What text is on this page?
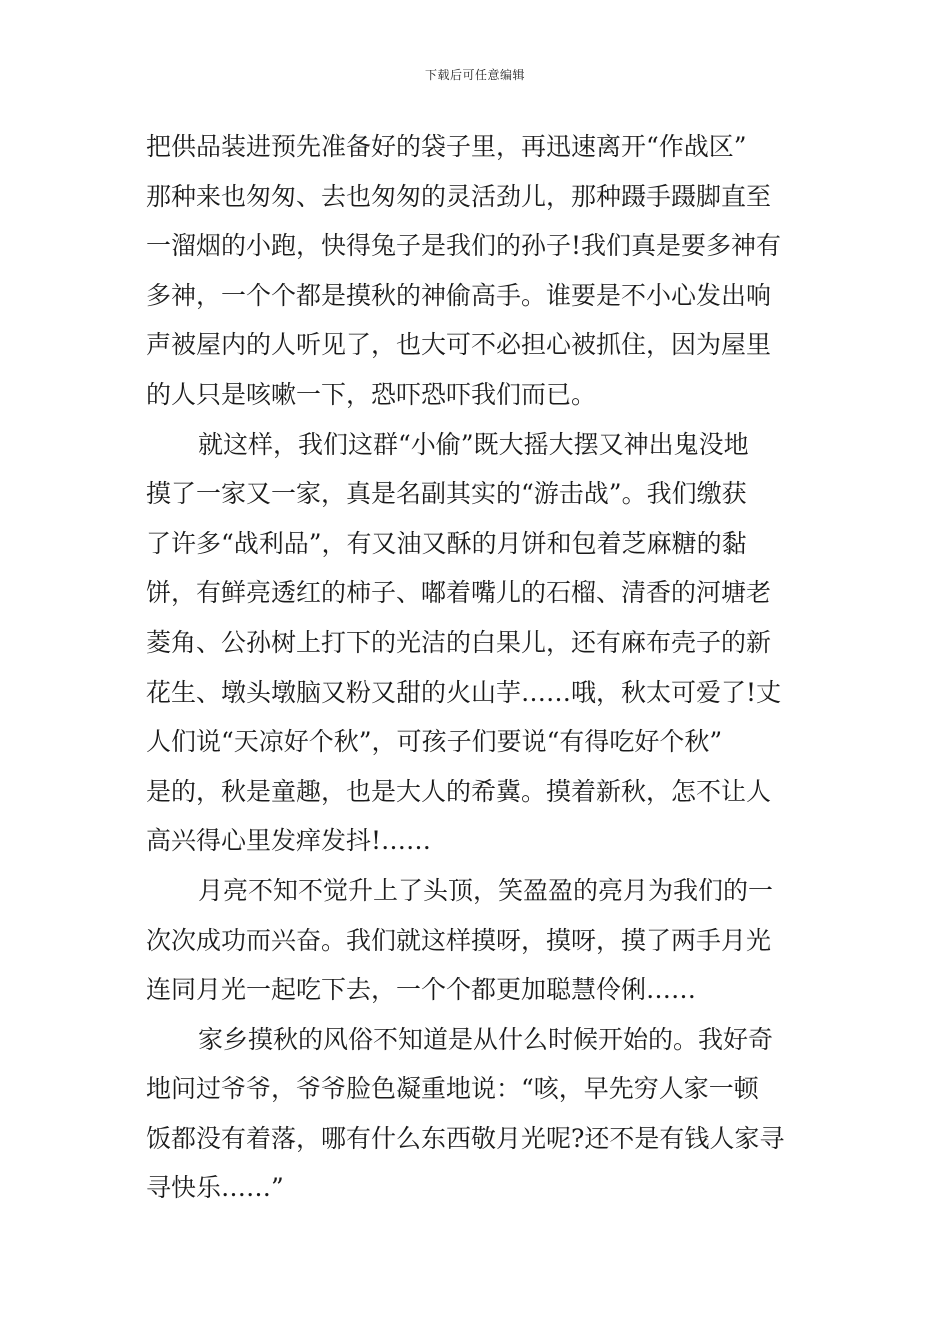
下载后可任意编辑
把供品装进预先准备好的袋子里，再迅速离开“作战区”
那种来也匆匆、去也匆匆的灵活劲儿，那种蹑手蹑脚直至
一溜烟的小跑，快得兔子是我们的孙子!我们真是要多神有
多神，一个个都是摸秋的神偷高手。谁要是不小心发出响
声被屋内的人听见了，也大可不必担心被抓住，因为屋里
的人只是咳嗽一下，恐吓恐吓我们而已。
就这样，我们这群“小偷”既大摇大摆又神出鬼没地
摸了一家又一家，真是名副其实的“游击战”。我们缴获
了许多“战利品”，有又油又酥的月饼和包着芝麻糖的黏
饼，有鲜亮透红的柿子、嘟着嘴儿的石榴、清香的河塘老
菱角、公孙树上打下的光洁的白果儿，还有麻布壳子的新
花生、墩头墩脑又粉又甜的火山芋……哦，秋太可爱了!丈
人们说“天凉好个秋”，可孩子们要说“有得吃好个秋”
是的，秋是童趣，也是大人的希冀。摸着新秋，怎不让人
高兴得心里发痒发抖!……
月亮不知不觉升上了头顶，笑盈盈的亮月为我们的一
次次成功而兴奋。我们就这样摸呀，摸呀，摸了两手月光
连同月光一起吃下去，一个个都更加聪慧伶俐……
家乡摸秋的风俗不知道是从什么时候开始的。我好奇
地问过爷爷，爷爷脸色凝重地说：“咳，早先穷人家一顿
饭都没有着落，哪有什么东西敬月光呢?还不是有钱人家寻
寻快乐……”
